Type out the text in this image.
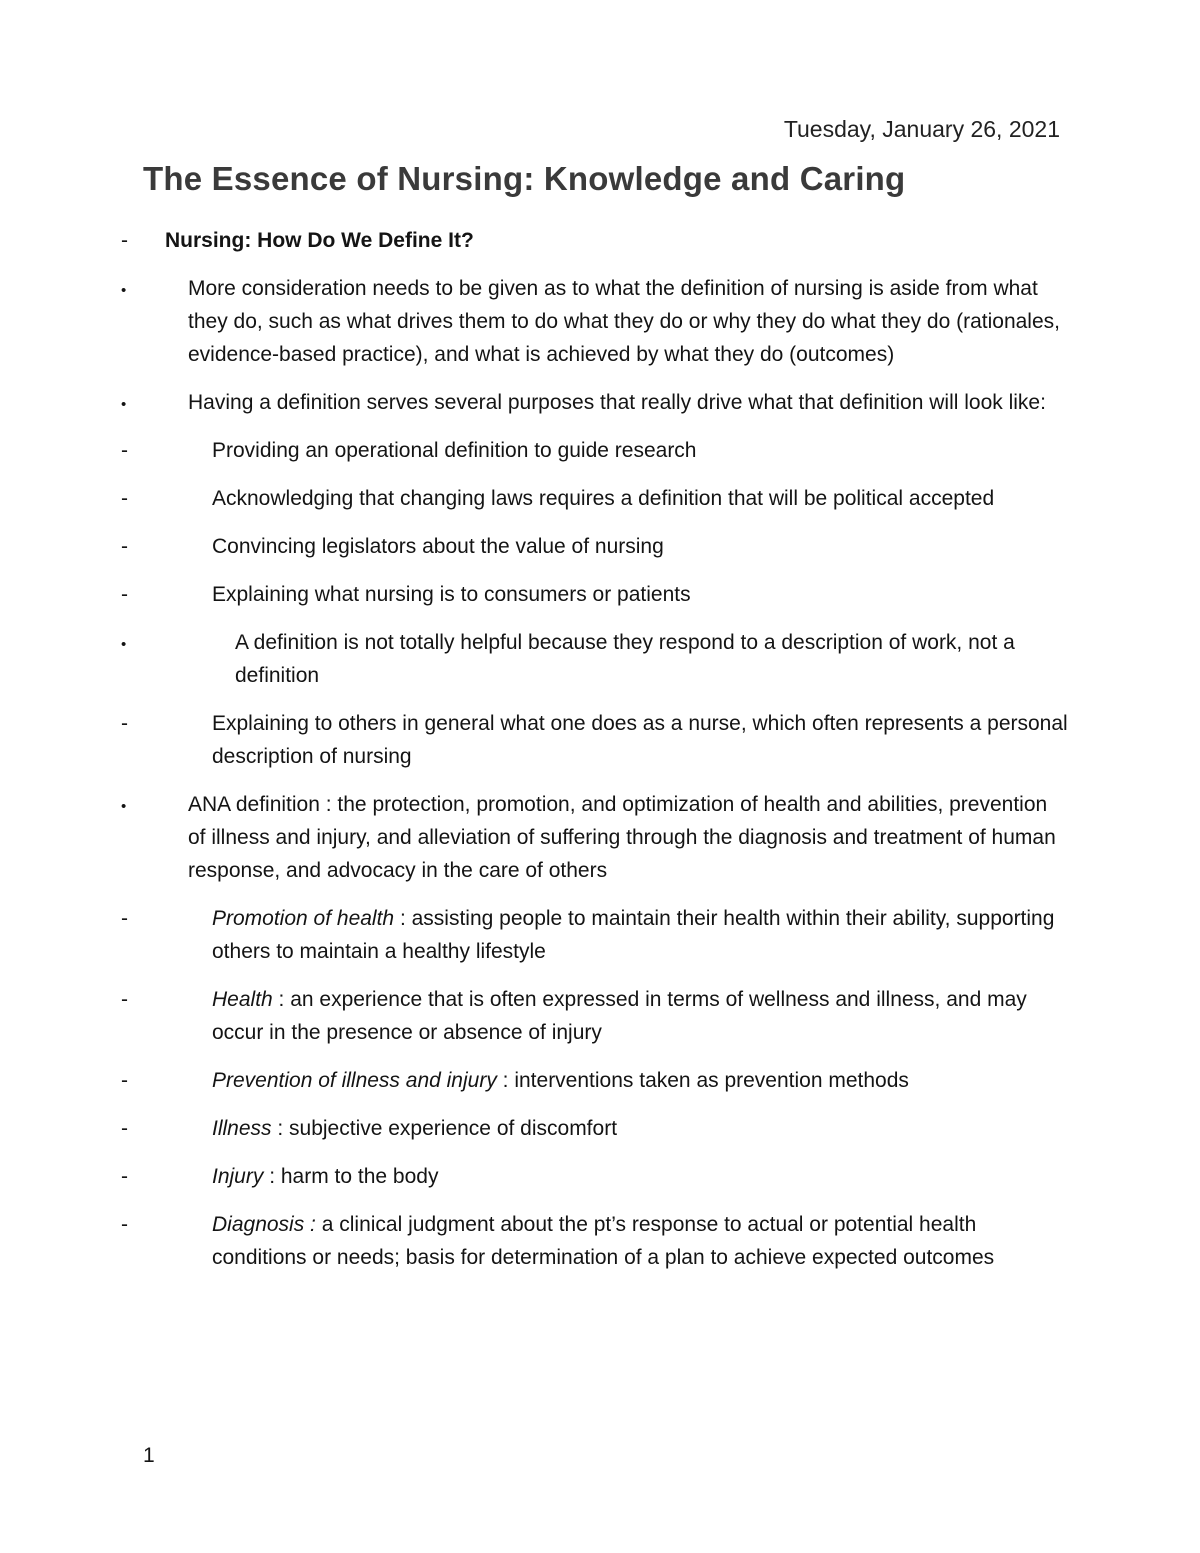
Tuesday, January 26, 2021
The Essence of Nursing: Knowledge and Caring
- Nursing: How Do We Define It?
•	More consideration needs to be given as to what the definition of nursing is aside from what they do, such as what drives them to do what they do or why they do what they do (rationales, evidence-based practice), and what is achieved by what they do (outcomes)
•	Having a definition serves several purposes that really drive what that definition will look like:
-	Providing an operational definition to guide research
-	Acknowledging that changing laws requires a definition that will be political accepted
-	Convincing legislators about the value of nursing
-	Explaining what nursing is to consumers or patients
•	A definition is not totally helpful because they respond to a description of work, not a definition
-	Explaining to others in general what one does as a nurse, which often represents a personal description of nursing
•	ANA definition : the protection, promotion, and optimization of health and abilities, prevention of illness and injury, and alleviation of suffering through the diagnosis and treatment of human response, and advocacy in the care of others
-	Promotion of health : assisting people to maintain their health within their ability, supporting others to maintain a healthy lifestyle
-	Health : an experience that is often expressed in terms of wellness and illness, and may occur in the presence or absence of injury
-	Prevention of illness and injury : interventions taken as prevention methods
-	Illness : subjective experience of discomfort
-	Injury : harm to the body
-	Diagnosis : a clinical judgment about the pt’s response to actual or potential health conditions or needs; basis for determination of a plan to achieve expected outcomes
1
